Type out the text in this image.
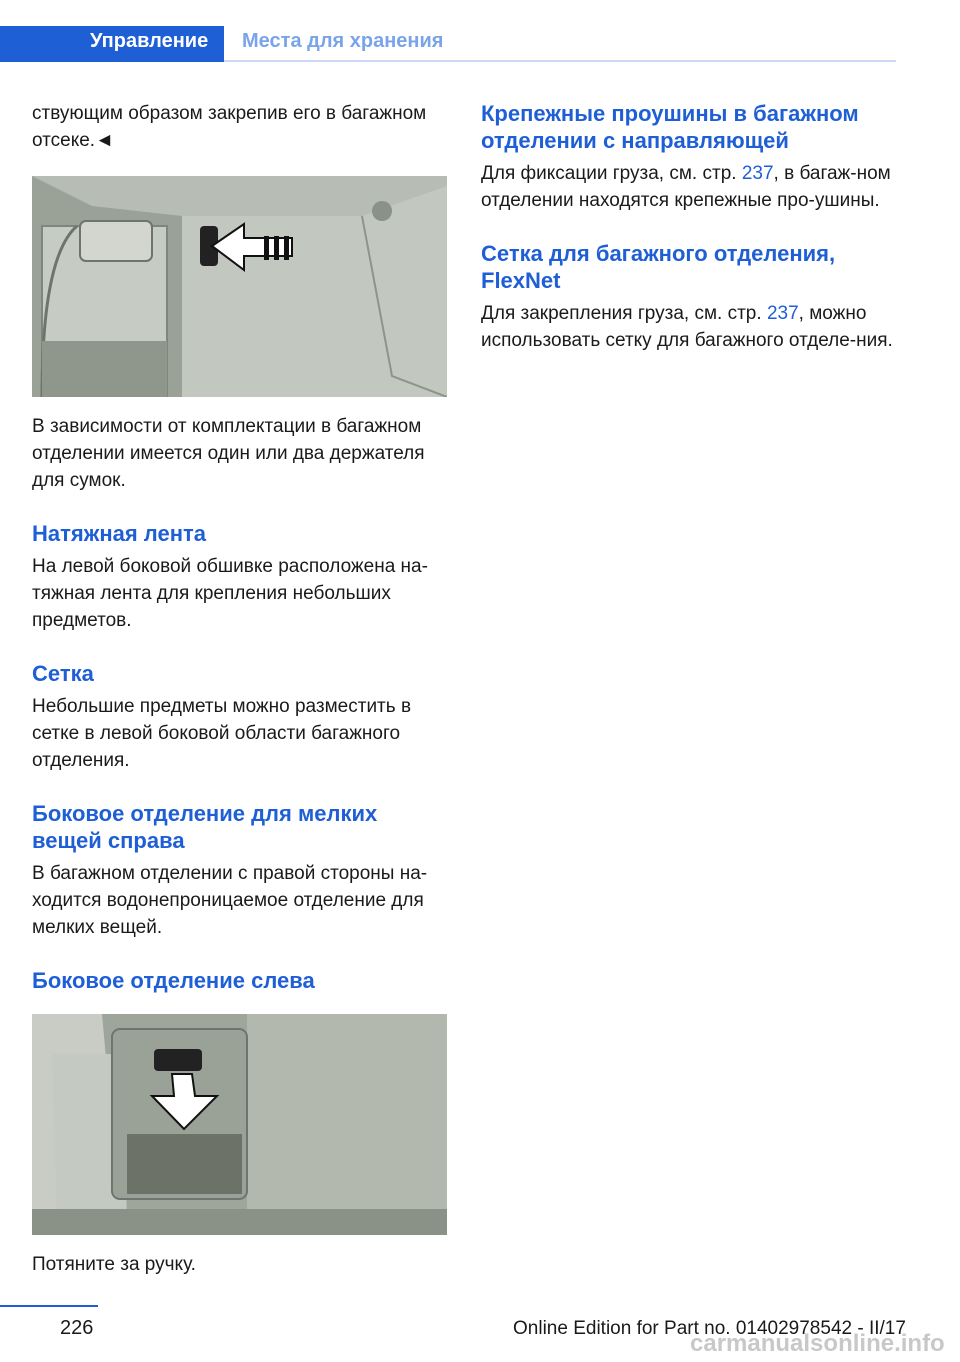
Управление Места для хранения

ствующим образом закрепив его в багажном отсеке.◄

В зависимости от комплектации в багажном отделении имеется один или два держателя для сумок.

Натяжная лента

На левой боковой обшивке расположена на-тяжная лента для крепления небольших предметов.

Сетка

Небольшие предметы можно разместить в сетке в левой боковой области багажного отделения.

Боковое отделение для мелких вещей справа

В багажном отделении с правой стороны на-ходится водонепроницаемое отделение для мелких вещей.

Боковое отделение слева

Потяните за ручку.

Крепежные проушины в багажном отделении с направляющей

Для фиксации груза, см. стр. 237, в багаж-ном отделении находятся крепежные про-ушины.

Сетка для багажного отделения, FlexNet

Для закрепления груза, см. стр. 237, можно использовать сетку для багажного отделе-ния.

226	Online Edition for Part no. 01402978542 - II/17
carmanualsonline.info
